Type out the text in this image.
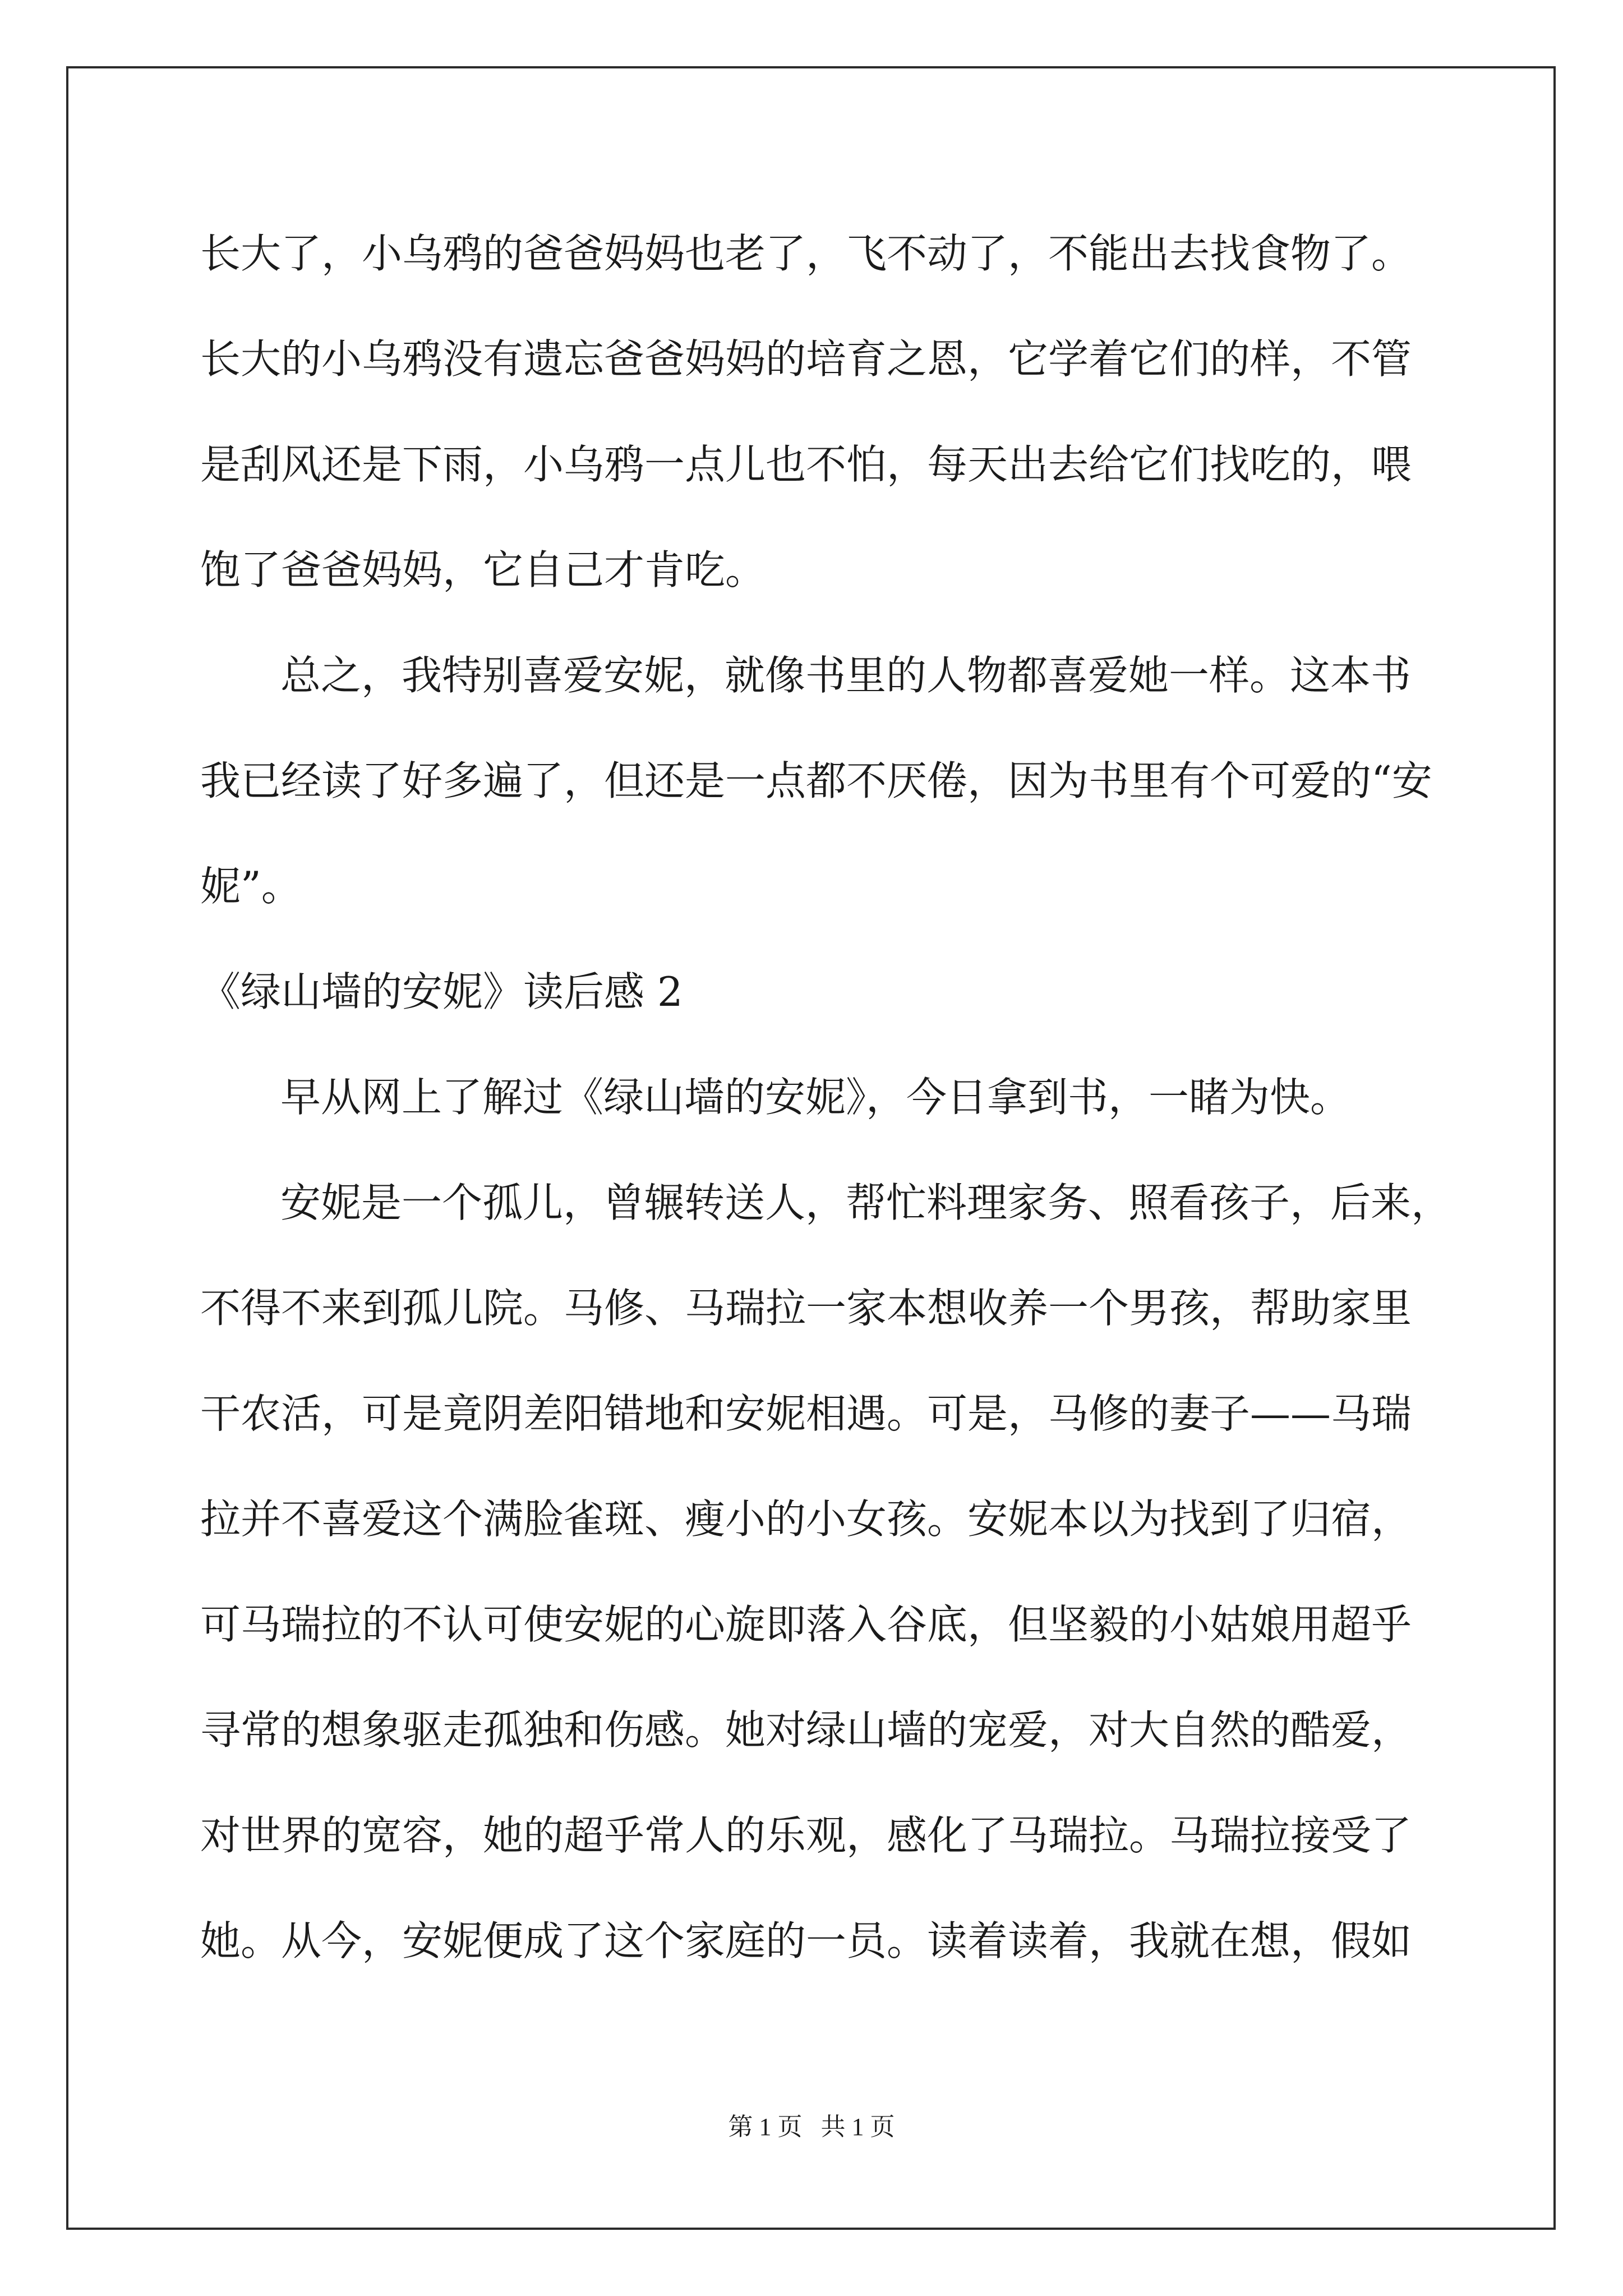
长大了，小乌鸦的爸爸妈妈也老了，飞不动了，不能出去找食物了。

长大的小乌鸦没有遗忘爸爸妈妈的培育之恩，它学着它们的样，不管

是刮风还是下雨，小乌鸦一点儿也不怕，每天出去给它们找吃的，喂

饱了爸爸妈妈，它自己才肯吃。

总之，我特别喜爱安妮，就像书里的人物都喜爱她一样。这本书

我已经读了好多遍了，但还是一点都不厌倦，因为书里有个可爱的“安

妮”。

《绿山墙的安妮》读后感 2

早从网上了解过《绿山墙的安妮》，今日拿到书，一睹为快。

安妮是一个孤儿，曾辗转送人，帮忙料理家务、照看孩子，后来，

不得不来到孤儿院。马修、马瑞拉一家本想收养一个男孩，帮助家里

干农活，可是竟阴差阳错地和安妮相遇。可是，马修的妻子——马瑞

拉并不喜爱这个满脸雀斑、瘦小的小女孩。安妮本以为找到了归宿，

可马瑞拉的不认可使安妮的心旋即落入谷底，但坚毅的小姑娘用超乎

寻常的想象驱走孤独和伤感。她对绿山墙的宠爱，对大自然的酷爱，

对世界的宽容，她的超乎常人的乐观，感化了马瑞拉。马瑞拉接受了

她。从今，安妮便成了这个家庭的一员。读着读着，我就在想，假如

第 1 页   共 1 页
